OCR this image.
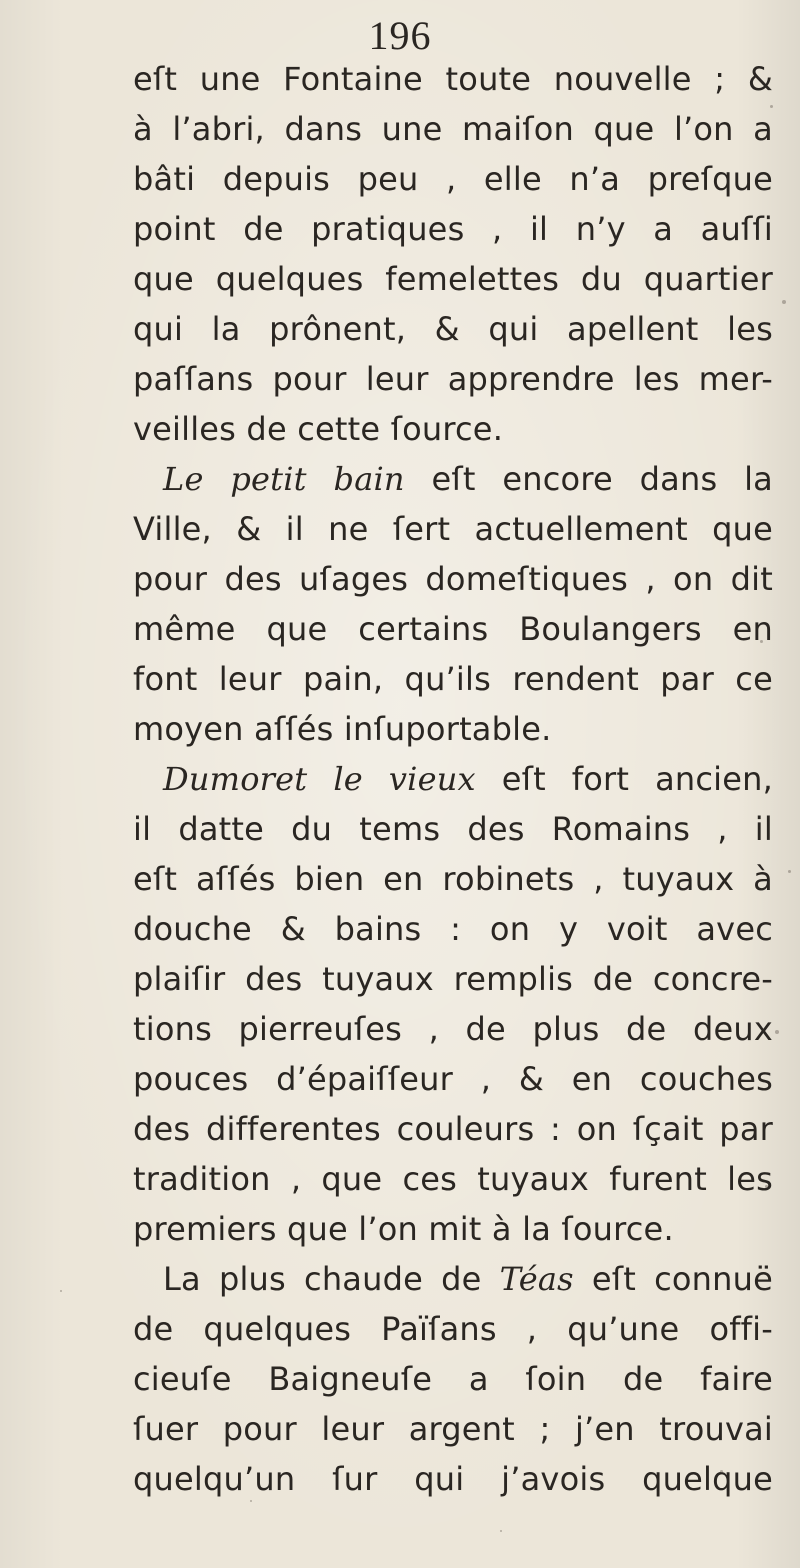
196
eſt une Fontaine toute nouvelle ; &
à l’abri, dans une maiſon que l’on a
bâti depuis peu , elle n’a preſque
point de pratiques , il n’y a auſſi
que quelques femelettes du quartier
qui la prônent, & qui apellent les
paſſans pour leur apprendre les mer-
veilles de cette ſource.
Le petit bain eſt encore dans la
Ville, & il ne ſert actuellement que
pour des uſages domeſtiques , on dit
même que certains Boulangers en
font leur pain, qu’ils rendent par ce
moyen aſſés inſuportable.
Dumoret le vieux eſt fort ancien,
il datte du tems des Romains , il
eſt aſſés bien en robinets , tuyaux à
douche & bains : on y voit avec
plaiſir des tuyaux remplis de concre-
tions pierreuſes , de plus de deux
pouces d’épaiſſeur , & en couches
des differentes couleurs : on ſçait par
tradition , que ces tuyaux furent les
premiers que l’on mit à la ſource.
La plus chaude de Téas eſt connuë
de quelques Païſans , qu’une offi-
cieuſe Baigneuſe a ſoin de faire
ſuer pour leur argent ; j’en trouvai
quelqu’un ſur qui j’avois quelque
